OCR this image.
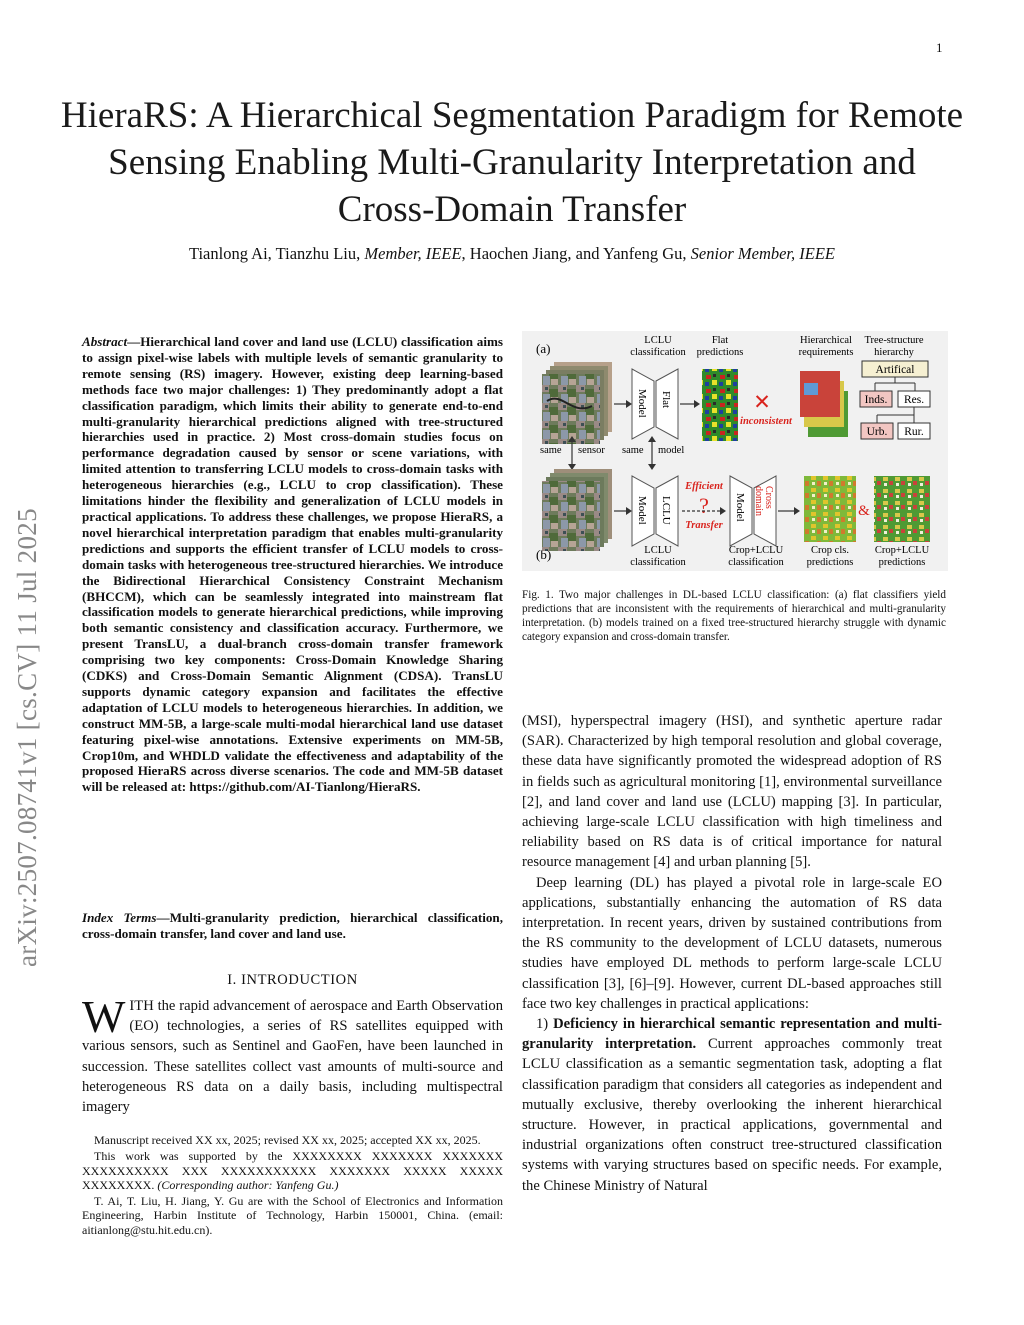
1
HieraRS: A Hierarchical Segmentation Paradigm for Remote Sensing Enabling Multi-Granularity Interpretation and Cross-Domain Transfer
Tianlong Ai, Tianzhu Liu, Member, IEEE, Haochen Jiang, and Yanfeng Gu, Senior Member, IEEE
arXiv:2507.08741v1 [cs.CV] 11 Jul 2025
Abstract—Hierarchical land cover and land use (LCLU) classification aims to assign pixel-wise labels with multiple levels of semantic granularity to remote sensing (RS) imagery. However, existing deep learning-based methods face two major challenges: 1) They predominantly adopt a flat classification paradigm, which limits their ability to generate end-to-end multi-granularity hierarchical predictions aligned with tree-structured hierarchies used in practice. 2) Most cross-domain studies focus on performance degradation caused by sensor or scene variations, with limited attention to transferring LCLU models to cross-domain tasks with heterogeneous hierarchies (e.g., LCLU to crop classification). These limitations hinder the flexibility and generalization of LCLU models in practical applications. To address these challenges, we propose HieraRS, a novel hierarchical interpretation paradigm that enables multi-granularity predictions and supports the efficient transfer of LCLU models to cross-domain tasks with heterogeneous tree-structured hierarchies. We introduce the Bidirectional Hierarchical Consistency Constraint Mechanism (BHCCM), which can be seamlessly integrated into mainstream flat classification models to generate hierarchical predictions, while improving both semantic consistency and classification accuracy. Furthermore, we present TransLU, a dual-branch cross-domain transfer framework comprising two key components: Cross-Domain Knowledge Sharing (CDKS) and Cross-Domain Semantic Alignment (CDSA). TransLU supports dynamic category expansion and facilitates the effective adaptation of LCLU models to heterogeneous hierarchies. In addition, we construct MM-5B, a large-scale multi-modal hierarchical land use dataset featuring pixel-wise annotations. Extensive experiments on MM-5B, Crop10m, and WHDLD validate the effectiveness and adaptability of the proposed HieraRS across diverse scenarios. The code and MM-5B dataset will be released at: https://github.com/AI-Tianlong/HieraRS.
Index Terms—Multi-granularity prediction, hierarchical classification, cross-domain transfer, land cover and land use.
I. INTRODUCTION
WITH the rapid advancement of aerospace and Earth Observation (EO) technologies, a series of RS satellites equipped with various sensors, such as Sentinel and GaoFen, have been launched in succession. These satellites collect vast amounts of multi-source and heterogeneous RS data on a daily basis, including multispectral imagery

Manuscript received XX xx, 2025; revised XX xx, 2025; accepted XX xx, 2025.

This work was supported by the XXXXXXXX XXXXXXX XXXXXXX XXXXXXXXXX XXX XXXXXXXXXXX XXXXXXX XXXXX XXXXX XXXXXXXX. (Corresponding author: Yanfeng Gu.)

T. Ai, T. Liu, H. Jiang, Y. Gu are with the School of Electronics and Information Engineering, Harbin Institute of Technology, Harbin 150001, China. (email: aitianlong@stu.hit.edu.cn).

(a)
LCLU
classification
Model Flat
Flat
predictions
✕
inconsistent
Hierarchical
requirements
Tree-structure
hierarchy
Artifical
Inds. Res.
Urb. Rur.
same sensor same model
Model LCLU
LCLU
classification
Efficient
?
Transfer
Model Cross
domain
Crop+LCLU
classification
Crop cls.
predictions
&
Crop+LCLU
predictions
(b)
Fig. 1. Two major challenges in DL-based LCLU classification: (a) flat classifiers yield predictions that are inconsistent with the requirements of hierarchical and multi-granularity interpretation. (b) models trained on a fixed tree-structured hierarchy struggle with dynamic category expansion and cross-domain transfer.

(MSI), hyperspectral imagery (HSI), and synthetic aperture radar (SAR). Characterized by high temporal resolution and global coverage, these data have significantly promoted the widespread adoption of RS in fields such as agricultural monitoring [1], environmental surveillance [2], and land cover and land use (LCLU) mapping [3]. In particular, achieving large-scale LCLU classification with high timeliness and reliability based on RS data is of critical importance for natural resource management [4] and urban planning [5].

Deep learning (DL) has played a pivotal role in large-scale EO applications, substantially enhancing the automation of RS data interpretation. In recent years, driven by sustained contributions from the RS community to the development of LCLU datasets, numerous studies have employed DL methods to perform large-scale LCLU classification [3], [6]–[9]. However, current DL-based approaches still face two key challenges in practical applications:

1) Deficiency in hierarchical semantic representation and multi-granularity interpretation. Current approaches commonly treat LCLU classification as a semantic segmentation task, adopting a flat classification paradigm that considers all categories as independent and mutually exclusive, thereby overlooking the inherent hierarchical structure. However, in practical applications, governmental and industrial organizations often construct tree-structured classification systems with varying structures based on specific needs. For example, the Chinese Ministry of Natural
